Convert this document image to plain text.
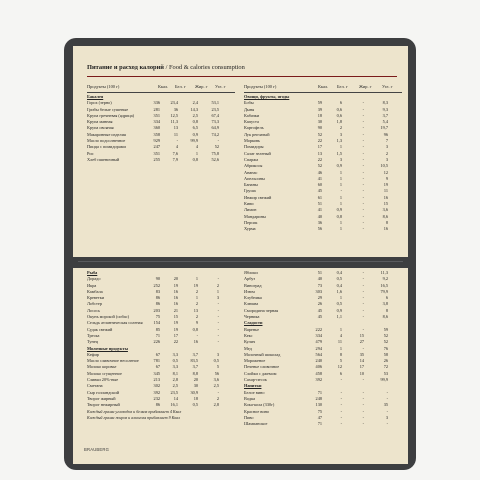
Питание и расход калорий / Food & calories consumption
Продукты (100 г)	Ккал. Бел. г Жир. г Угл. г
Бакалея
Горох (зерно)	336	23,4	2,4	53,1
Грибы белые сушеные	281	36	14,3	23,5
Крупа гречневая (ядрица)	351	12,5	2,5	67,4
Крупа манная	334	11,3	0,8	73,3
Крупа овсяная	360	13	6,5	64,9
Макаронные изделия	358	11	0,9	74,2
Масло подсолнечное	929	-	99,9	-
Пицца с помидорами	247	4	4	52
Рис	351	7,6	1	75,8
Хлеб пшеничный	255	7,9	0,8	52,6
Продукты (100 г)	Ккал. Бел. г	Жир. г Угл. г
Овощи, фрукты, ягоды
Бобы	59	6	-	8,3
Дыня	39	0,6	-	9,3
Кабачки	18	0,6	-	3,7
Капуста	30	1,8	-	5,4
Картофель	90	2	-	19,7
Лук репчатый	52	3	-	96
Морковь	22	1,3	-	7
Помидоры	17	1	-	3
Салат зеленый	13	1,5	-	2
Спаржа	22	3	-	3
Абрикосы	52	0,9	-	10,5
Ананас	46	1	-	12
Апельсины	41	1	-	9
Бананы	60	1	-	19
Груша	45	-	-	11
Инжир свежий	61	1	-	16
Киви	51	1	-	15
Лимон	41	0,9	-	3,6
Мандарины	40	0,8	-	8,6
Персик	36	1	-	8
Хурма	56	1	-	16
Рыба
Дорадо	90	20	1	-
Икра	252	19	19	2
Камбала	83	16	2	1
Креветки	86	16	1	3
Лобстер	86	16	2	-
Лосось	203	21	13	-
Окунь морской (сибас)	75	15	2	-
Сельдь атлантическая соленая	154	19	9	-
Судак свежий	85	19	0,8	-
Треска	71	17	-	-
Тунец	226	22	16	-
Молочные продукты
Кефир	67	3,3	3,7	3
Масло сливочное несоленое	781	0,5	83,5	0,5
Молоко коровье	67	3,3	3,7	5
Молоко сгущенное	345	8,1	8,8	56
Сливки 20%-ные	213	2,8	20	3,6
Сметана	302	2,5	30	2,5
Сыр голландский	392	23,5	30,9	-
Творог жирный	232	14	18	2
Творог нежирный	86	16,1	0,5	2,8
Каждый грамм углеводов и белков прибавляет 4 Ккал
Каждый грамм жиров и алкоголя прибавляет 9 Ккал
Яблоки	51	0,4	-	11,3
Арбуз	40	0,5	-	9,2
Виноград	73	0,4	-	16,5
Изюм	303	1,6	-	79,9
Клубника	29	1	-	6
Клюква	26	0,5	-	3,8
Смородина черная	45	0,9	-	8
Черника	45	1,1	-	8,6
Сладости
Варенье	222	1	-	59
Кекс	334	4	15	52
Кулич	479	11	27	52
Мед	294	1	-	76
Молочный шоколад	564	8	35	58
Мороженое	240	5	14	26
Печенье сливочное	406	12	17	72
Слойки с джемом	458	6	10	53
Сахар-песок	392	-	-	99,9
Напитки
Белое вино	71	-	-	-
Водка	248	-	-	-
Кока-кола (330г)	130	-	-	35
Красное вино	75	-	-	-
Пиво	47	-	-	3
Шампанское	71	-	-	-
BRAUBERG
